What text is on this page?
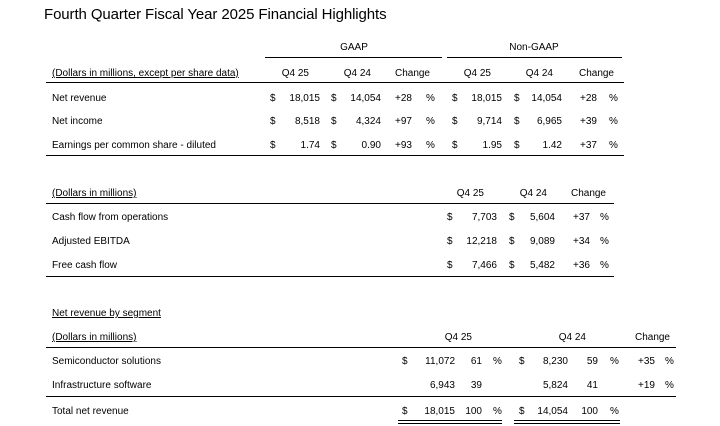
Fourth Quarter Fiscal Year 2025 Financial Highlights
GAAP	Non-GAAP
(Dollars in millions, except per share data)	Q4 25	Q4 24	Change	Q4 25	Q4 24	Change
Net revenue	$	18,015 $	14,054	+28 % $	18,015 $	14,054	+28 %
Net income	$	8,518 $	4,324	+97 % $	9,714 $	6,965	+39 %
Earnings per common share - diluted	$	1.74 $	0.90	+93 % $	1.95 $	1.42	+37 %
(Dollars in millions)	Q4 25	Q4 24	Change
Cash flow from operations	$	7,703 $	5,604	+37 %
Adjusted EBITDA	$	12,218 $	9,089	+34 %
Free cash flow	$	7,466 $	5,482	+36 %
Net revenue by segment
(Dollars in millions)	Q4 25	Q4 24	Change
Semiconductor solutions	$	11,072	61 % $	8,230	59 %	+35 %
Infrastructure software	6,943	39	5,824	41	+19 %
Total net revenue	$	18,015	100 % $	14,054	100 %
